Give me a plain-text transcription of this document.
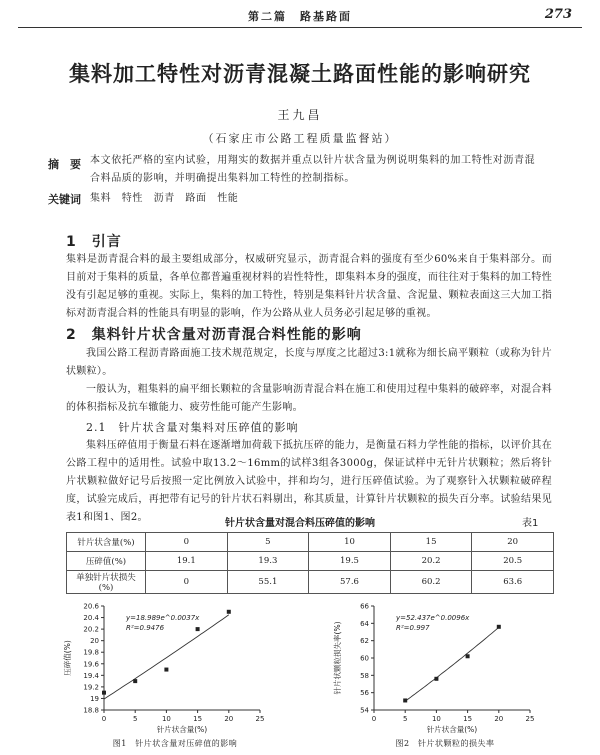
第二篇　路基路面	273
集料加工特性对沥青混凝土路面性能的影响研究
王九昌
（石家庄市公路工程质量监督站）
摘　要 本文依托严格的室内试验，用翔实的数据并重点以针片状含量为例说明集料的加工特性对沥青混
合料品质的影响，并明确提出集料加工特性的控制指标。
关键词 集料　特性　沥青　路面　性能
1　引言
集料是沥青混合料的最主要组成部分，权威研究显示，沥青混合料的强度有至少60%来自于集料部分。而目前对于集料的质量，各单位都普遍重视材料的岩性特性，即集料本身的强度，而往往对于集料的加工特性没有引起足够的重视。实际上，集料的加工特性，特别是集料针片状含量、含泥量、颗粒表面这三大加工指标对沥青混合料的性能具有明显的影响，作为公路从业人员务必引起足够的重视。
2　集料针片状含量对沥青混合料性能的影响
我国公路工程沥青路面施工技术规范规定，长度与厚度之比超过3:1就称为细长扁平颗粒（或称为针片状颗粒）。
一般认为，粗集料的扁平细长颗粒的含量影响沥青混合料在施工和使用过程中集料的破碎率，对混合料的体积指标及抗车辙能力、疲劳性能可能产生影响。
2.1　针片状含量对集料对压碎值的影响
集料压碎值用于衡量石料在逐渐增加荷载下抵抗压碎的能力，是衡量石料力学性能的指标，以评价其在公路工程中的适用性。试验中取13.2～16mm的试样3组各3000g，保证试样中无针片状颗粒；然后将针片状颗粒做好记号后按照一定比例放入试验中，拌和均匀，进行压碎值试验。为了观察针入状颗粒破碎程度，试验完成后，再把带有记号的针片状石料剔出，称其质量，计算针片状颗粒的损失百分率。试验结果见表1和图1、图2。
针片状含量对混合料压碎值的影响	表1
针片状含量(%)	0	5	10	15	20
压碎值(%)	19.1	19.3	19.5	20.2	20.5
单独针片状损失(%)	0	55.1	57.6	60.2	63.6
18.8
19
19.2
19.4
19.6
19.8
20
20.2
20.4
20.6
0	5	10	15	20	25
针片状含量(%)
压碎值(%)
y=18.989e^0.0037x
R²=0.9476
图1　针片状含量对压碎值的影响
54
56
58
60
62
64
66
0	5	10	15	20	25
针片状含量(%)
针片状颗粒损失率(%)
y=52.437e^0.0096x
R²=0.997
图2　针片状颗粒的损失率
